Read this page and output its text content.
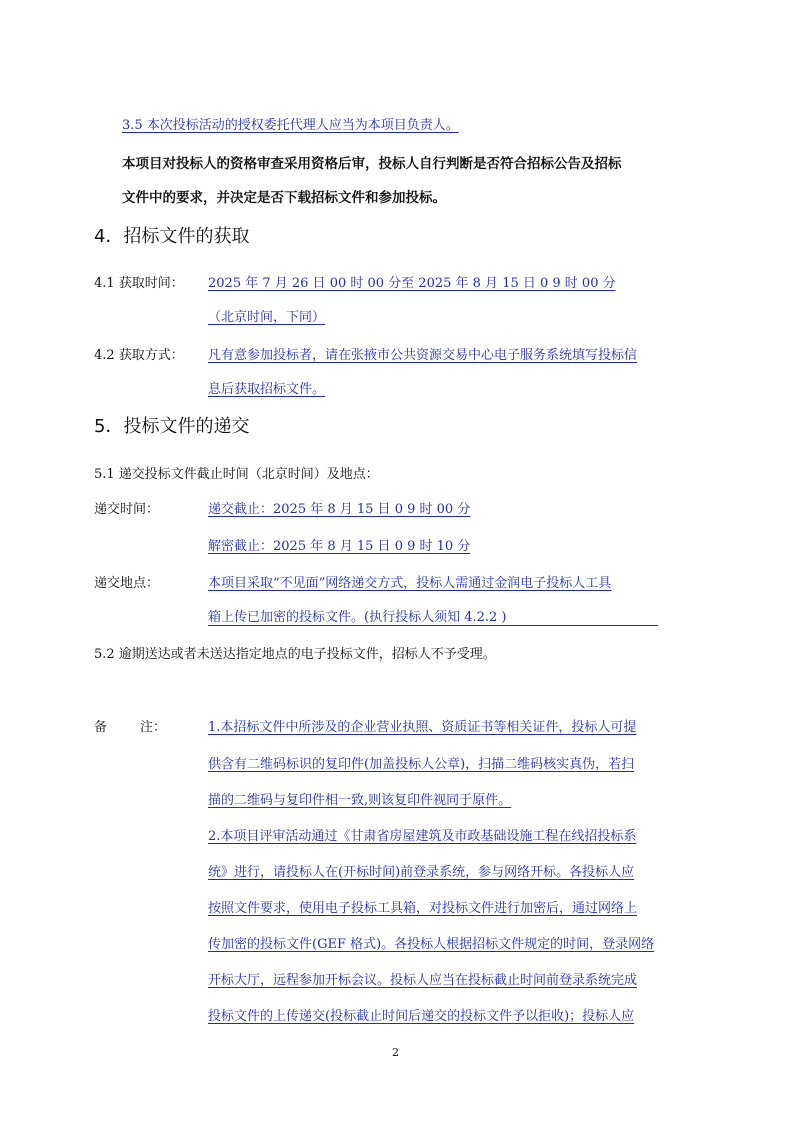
3.5 本次投标活动的授权委托代理人应当为本项目负责人。
本项目对投标人的资格审查采用资格后审，投标人自行判断是否符合招标公告及招标
文件中的要求，并决定是否下载招标文件和参加投标。
4．招标文件的获取
4.1 获取时间： 2025 年 7 月 26 日 00 时 00 分至 2025 年 8 月 15 日 0 9 时 00 分
（北京时间，下同）
4.2 获取方式： 凡有意参加投标者，请在张掖市公共资源交易中心电子服务系统填写投标信
息后获取招标文件。
5．投标文件的递交
5.1 递交投标文件截止时间（北京时间）及地点：
递交时间：	递交截止：2025 年 8 月 15 日 0 9 时 00 分
解密截止：2025 年 8 月 15 日 0 9 时 10 分
递交地点：	本项目采取“不见面”网络递交方式，投标人需通过金润电子投标人工具
箱上传已加密的投标文件。(执行投标人须知 4.2.2 )
5.2 逾期送达或者未送达指定地点的电子投标文件，招标人不予受理。
备        注：	1.本招标文件中所涉及的企业营业执照、资质证书等相关证件，投标人可提
供含有二维码标识的复印件(加盖投标人公章)，扫描二维码核实真伪，若扫
描的二维码与复印件相一致,则该复印件视同于原件。
2.本项目评审活动通过《甘肃省房屋建筑及市政基础设施工程在线招投标系
统》进行，请投标人在(开标时间)前登录系统，参与网络开标。各投标人应
按照文件要求，使用电子投标工具箱，对投标文件进行加密后，通过网络上
传加密的投标文件(GEF 格式)。各投标人根据招标文件规定的时间，登录网络
开标大厅，远程参加开标会议。投标人应当在投标截止时间前登录系统完成
投标文件的上传递交(投标截止时间后递交的投标文件予以拒收)；投标人应
2
